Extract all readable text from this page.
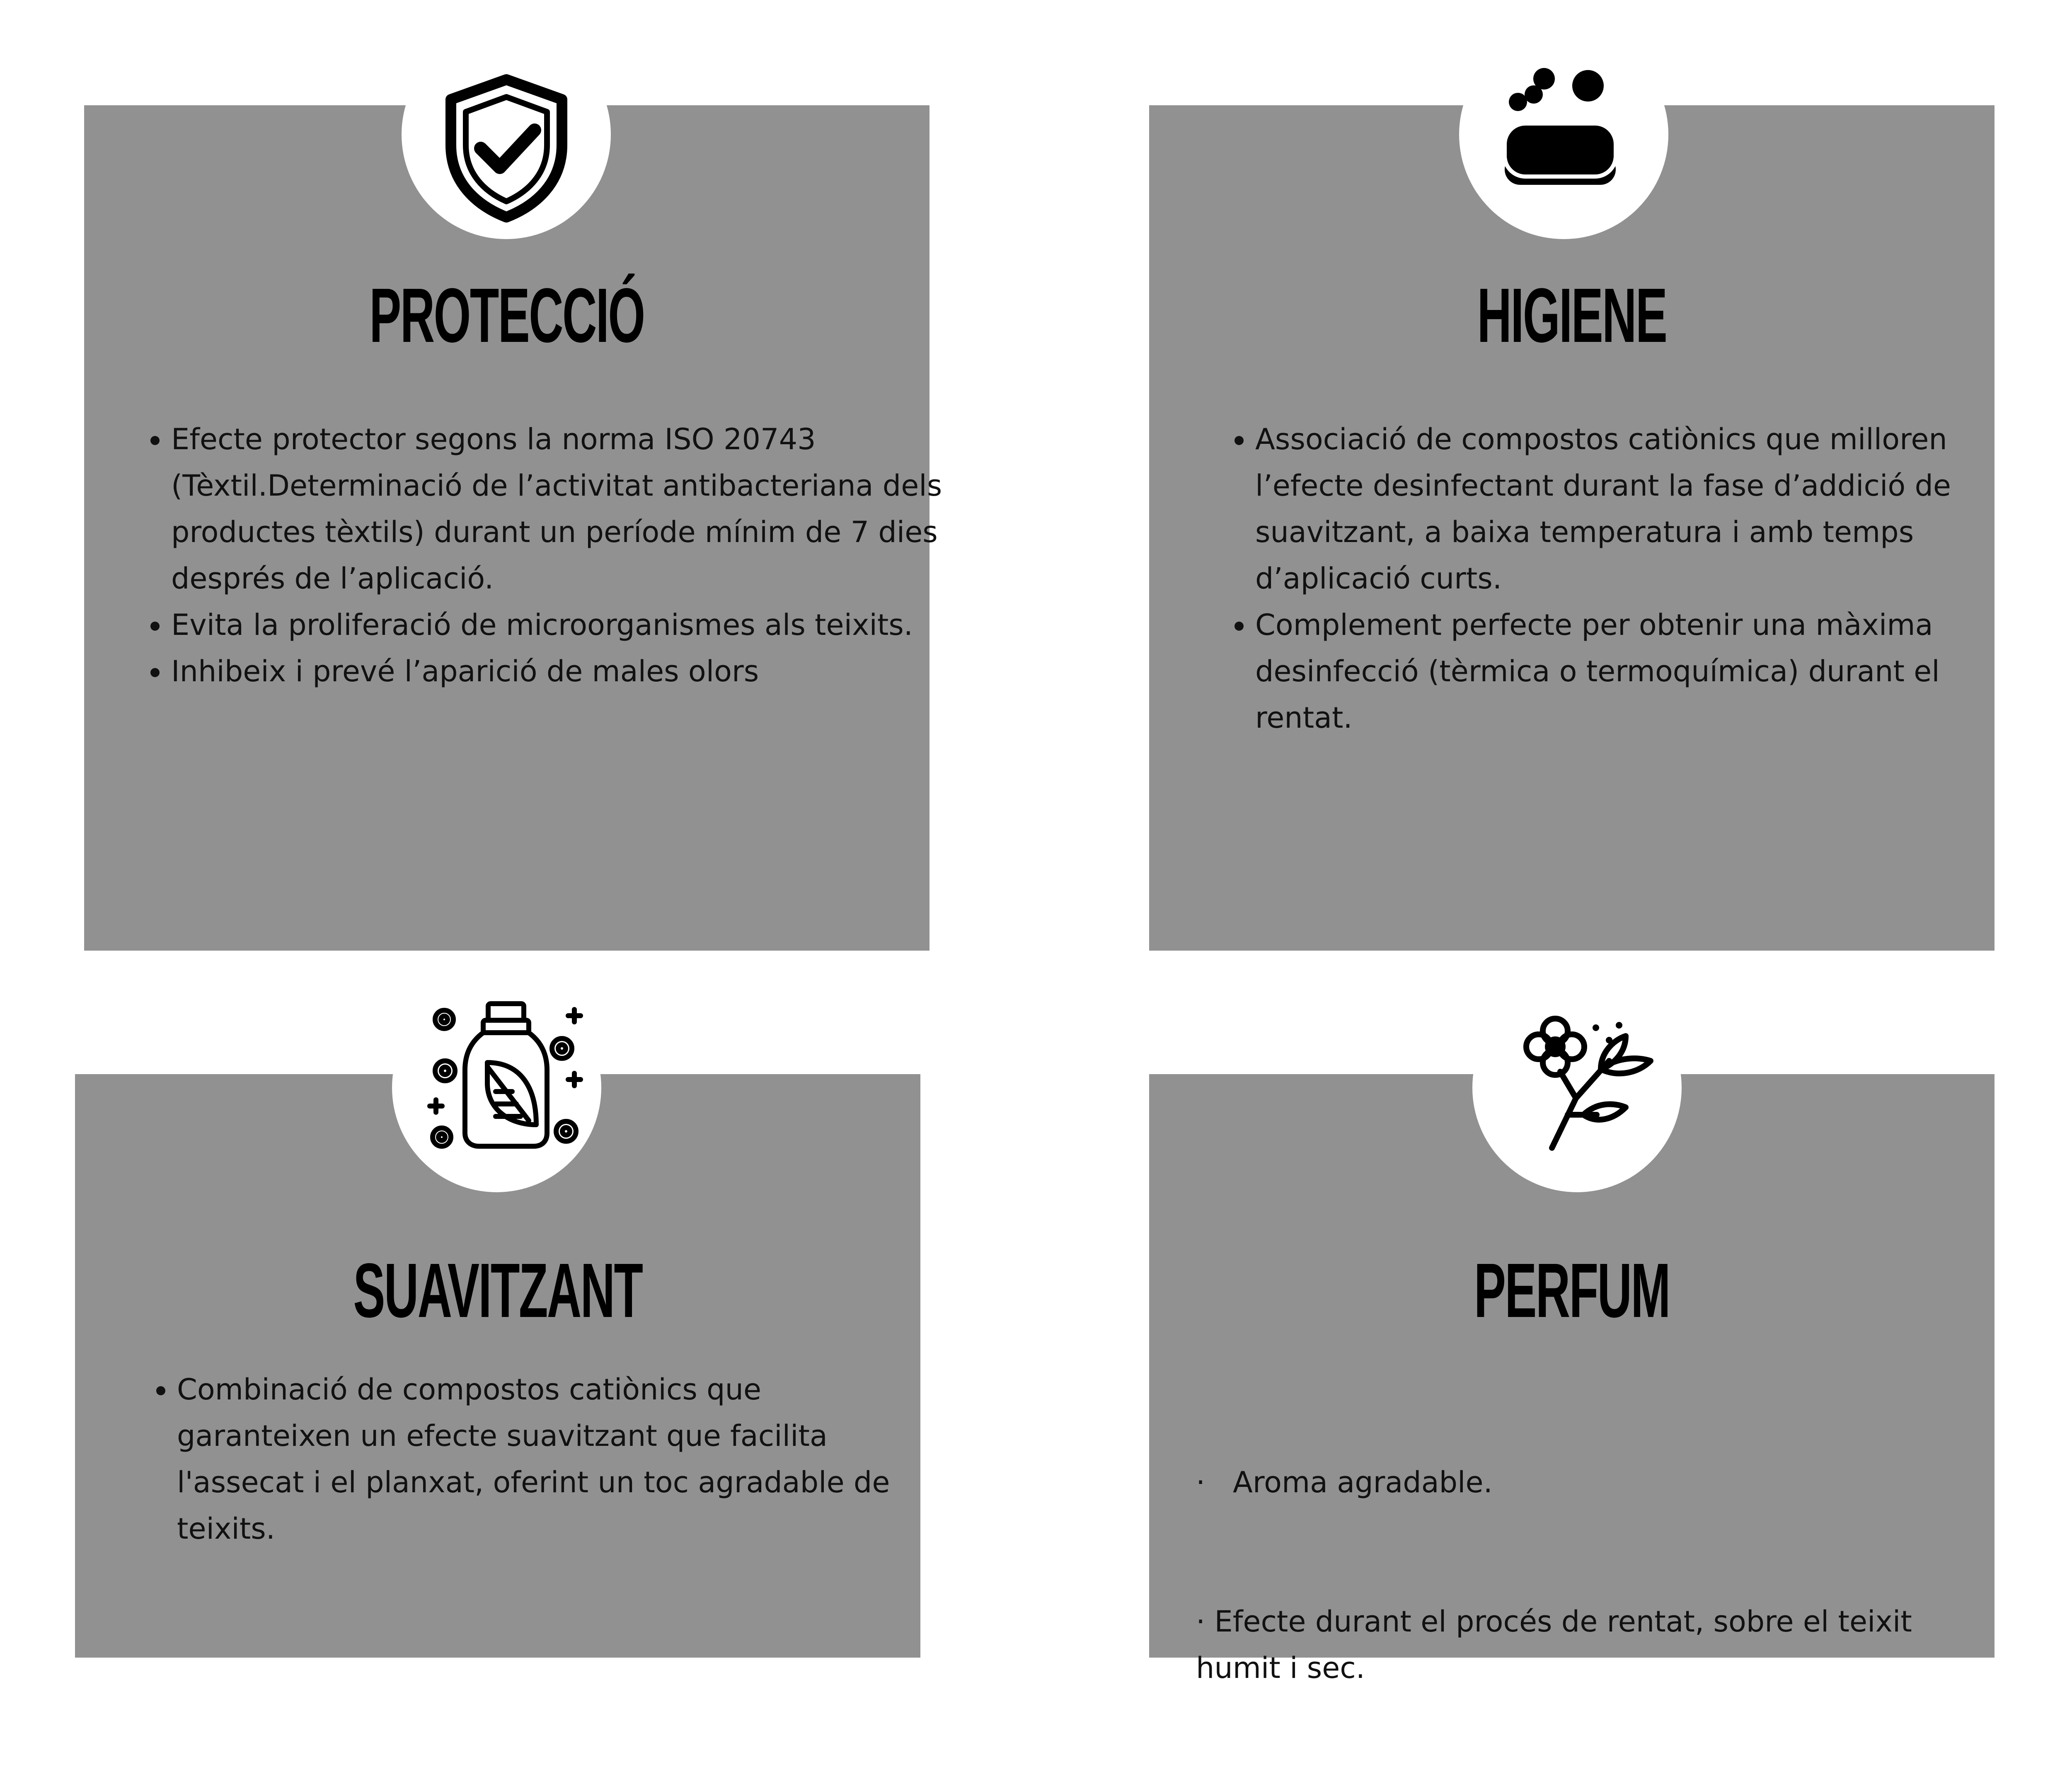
PROTECCIÓ
• Efecte protector segons la norma ISO 20743 (Tèxtil.Determinació de l’activitat antibacteriana dels productes tèxtils) durant un període mínim de 7 dies després de l’aplicació.
• Evita la proliferació de microorganismes als teixits.
• Inhibeix i prevé l’aparició de males olors
HIGIENE
• Associació de compostos catiònics que milloren l’efecte desinfectant durant la fase d’addició de suavitzant, a baixa temperatura i amb temps d’aplicació curts.
• Complement perfecte per obtenir una màxima desinfecció (tèrmica o termoquímica) durant el rentat.
SUAVITZANT
• Combinació de compostos catiònics que garanteixen un efecte suavitzant que facilita l'assecat i el planxat, oferint un toc agradable de teixits.
PERFUM

·   Aroma agradable.

· Efecte durant el procés de rentat, sobre el teixit humit i sec.
